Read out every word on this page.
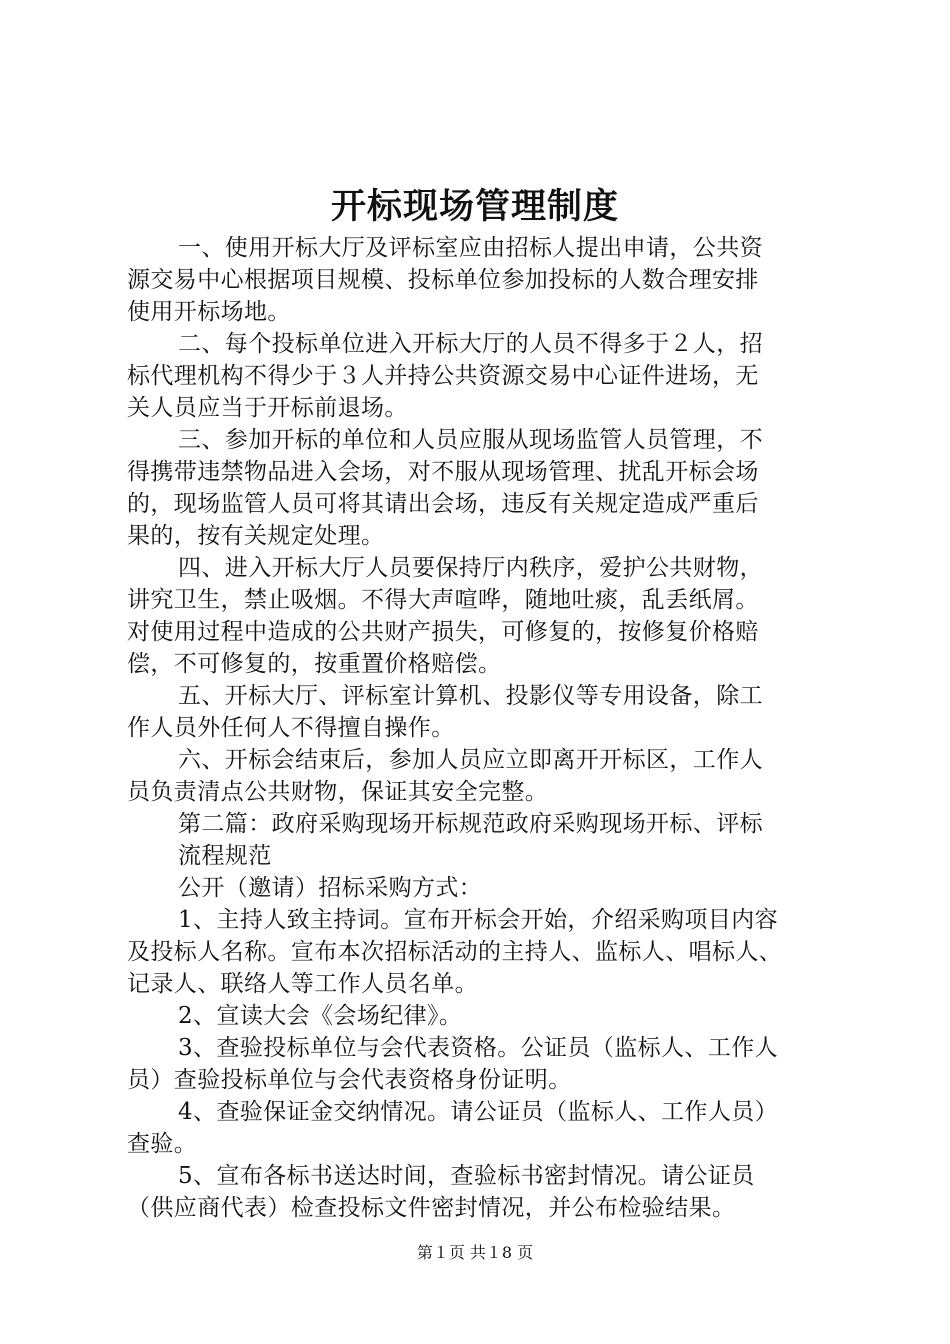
开标现场管理制度

一、使用开标大厅及评标室应由招标人提出申请，公共资

源交易中心根据项目规模、投标单位参加投标的人数合理安排

使用开标场地。

二、每个投标单位进入开标大厅的人员不得多于２人，招

标代理机构不得少于３人并持公共资源交易中心证件进场，无

关人员应当于开标前退场。

三、参加开标的单位和人员应服从现场监管人员管理，不

得携带违禁物品进入会场，对不服从现场管理、扰乱开标会场

的，现场监管人员可将其请出会场，违反有关规定造成严重后

果的，按有关规定处理。

四、进入开标大厅人员要保持厅内秩序，爱护公共财物，

讲究卫生，禁止吸烟。不得大声喧哗，随地吐痰，乱丢纸屑。

对使用过程中造成的公共财产损失，可修复的，按修复价格赔

偿，不可修复的，按重置价格赔偿。

五、开标大厅、评标室计算机、投影仪等专用设备，除工

作人员外任何人不得擅自操作。

六、开标会结束后，参加人员应立即离开开标区，工作人

员负责清点公共财物，保证其安全完整。

第二篇：政府采购现场开标规范政府采购现场开标、评标

流程规范

公开（邀请）招标采购方式：

1、主持人致主持词。宣布开标会开始，介绍采购项目内容

及投标人名称。宣布本次招标活动的主持人、监标人、唱标人、

记录人、联络人等工作人员名单。

2、宣读大会《会场纪律》。

3、查验投标单位与会代表资格。公证员（监标人、工作人

员）查验投标单位与会代表资格身份证明。

4、查验保证金交纳情况。请公证员（监标人、工作人员）

查验。

5、宣布各标书送达时间，查验标书密封情况。请公证员

（供应商代表）检查投标文件密封情况，并公布检验结果。

第１页 共１8 页
